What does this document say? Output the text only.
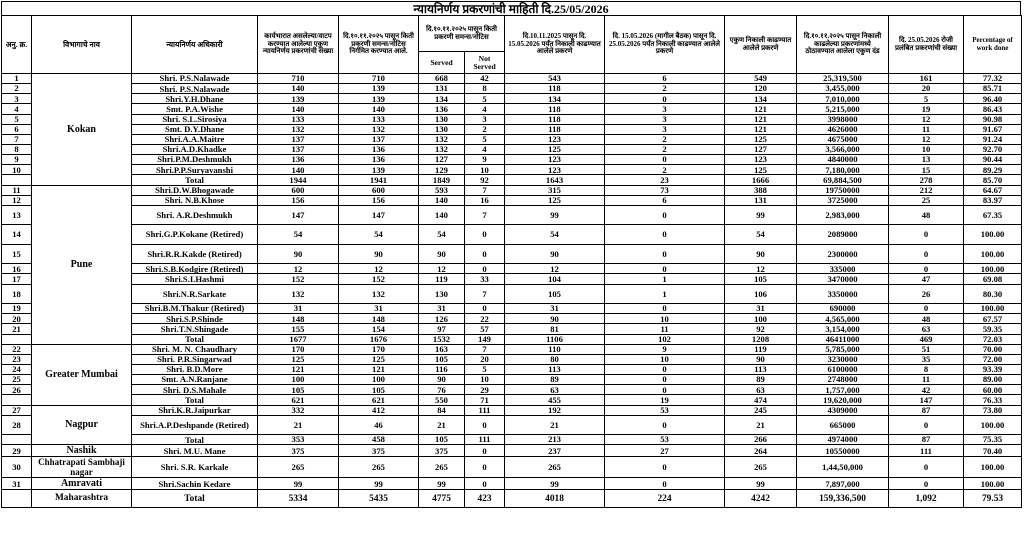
न्यायनिर्णय प्रकरणांची माहिती दि.25/05/2026
अनु. क्र.	विभागाचे नाव	न्यायनिर्णय अधिकारी	कार्यभारात असलेल्या/वाटप करण्यात आलेल्या एकुण न्यायनिर्णय प्रकरणांची संख्या	दि.१०.११.२०२५ पासून किती प्रकरणी समन्स/नोटिस निर्गमित करण्यात आले.	दि.१०.११.२०२५ पासून किती प्रकरणी समन्स/नोटिस		दि.10.11.2025 पासून दि. 15.05.2026 पर्यंत निकाली काढण्यात आलेले प्रकरणे	दि. 15.05.2026 (मागील बैठक) पासून दि. 25.05.2026 पर्यंत निकाली काढण्यात आलेले प्रकरणे	एकुण निकाली काढण्यात आलेले प्रकरणे	दि.१०.११.२०२५ पासून निकाली काढलेल्या प्रकरणांमध्ये ठोठावण्यात आलेला एकुण दंड	दि. 25.05.2026 रोजी प्रलंबित प्रकरणांची संख्या	Percentage of work done
					Served	Not Served						
1	Kokan	Shri. P.S.Nalawade	710	710	668	42	543	6	549	25,319,500	161	77.32
2		Shri. P.S.Nalawade	140	139	131	8	118	2	120	3,455,000	20	85.71
3		Shri.Y.H.Dhane	139	139	134	5	134	0	134	7,010,000	5	96.40
4		Smt. P.A.Wishe	140	140	136	4	118	3	121	5,215,000	19	86.43
5		Shri. S.L.Sirosiya	133	133	130	3	118	3	121	3998000	12	90.98
6		Smt. D.Y.Dhane	132	132	130	2	118	3	121	4626000	11	91.67
7		Shri.A.A.Maitre	137	137	132	5	123	2	125	4675000	12	91.24
8		Shri.A.D.Khadke	137	136	132	4	125	2	127	3,566,000	10	92.70
9		Shri.P.M.Deshmukh	136	136	127	9	123	0	123	4840000	13	90.44
10		Shri.P.P.Suryavanshi	140	139	129	10	123	2	125	7,180,000	15	89.29
		Total	1944	1941	1849	92	1643	23	1666	69,884,500	278	85.70
11	Pune	Shri.D.W.Bhogawade	600	600	593	7	315	73	388	19750000	212	64.67
12		Shri. N.B.Khose	156	156	140	16	125	6	131	3725000	25	83.97
13		Shri. A.R.Deshmukh	147	147	140	7	99	0	99	2,983,000	48	67.35
14		Shri.G.P.Kokane (Retired)	54	54	54	0	54	0	54	2089000	0	100.00
15		Shri.R.R.Kakde (Retired)	90	90	90	0	90	0	90	2300000	0	100.00
16		Shri.S.B.Kodgire (Retired)	12	12	12	0	12	0	12	335000	0	100.00
17		Shri.S.I.Hashmi	152	152	119	33	104	1	105	3470000	47	69.08
18		Shri.N.R.Sarkate	132	132	130	7	105	1	106	3350000	26	80.30
19		Shri.B.M.Thakur (Retired)	31	31	31	0	31	0	31	690000	0	100.00
20		Shri.S.P.Shinde	148	148	126	22	90	10	100	4,565,000	48	67.57
21		Shri.T.N.Shingade	155	154	97	57	81	11	92	3,154,000	63	59.35
		Total	1677	1676	1532	149	1106	102	1208	46411000	469	72.03
22	Greater Mumbai	Shri. M. N. Chaudhary	170	170	163	7	110	9	119	5,785,000	51	70.00
23		Shri. P.R.Singarwad	125	125	105	20	80	10	90	3230000	35	72.00
24		Shri. B.D.More	121	121	116	5	113	0	113	6100000	8	93.39
25		Smt. A.N.Ranjane	100	100	90	10	89	0	89	2748000	11	89.00
26		Shri. D.S.Mahale	105	105	76	29	63	0	63	1,757,000	42	60.00
		Total	621	621	550	71	455	19	474	19,620,000	147	76.33
27	Nagpur	Shri.K.R.Jaipurkar	332	412	84	111	192	53	245	4309000	87	73.80
28		Shri.A.P.Deshpande (Retired)	21	46	21	0	21	0	21	665000	0	100.00
		Total	353	458	105	111	213	53	266	4974000	87	75.35
29	Nashik	Shri. M.U. Mane	375	375	375	0	237	27	264	10550000	111	70.40
30	Chhatrapati Sambhaji nagar	Shri. S.R. Karkale	265	265	265	0	265	0	265	1,44,50,000	0	100.00
31	Amravati	Shri.Sachin Kedare	99	99	99	0	99	0	99	7,897,000	0	100.00
	Maharashtra	Total	5334	5435	4775	423	4018	224	4242	159,336,500	1,092	79.53
